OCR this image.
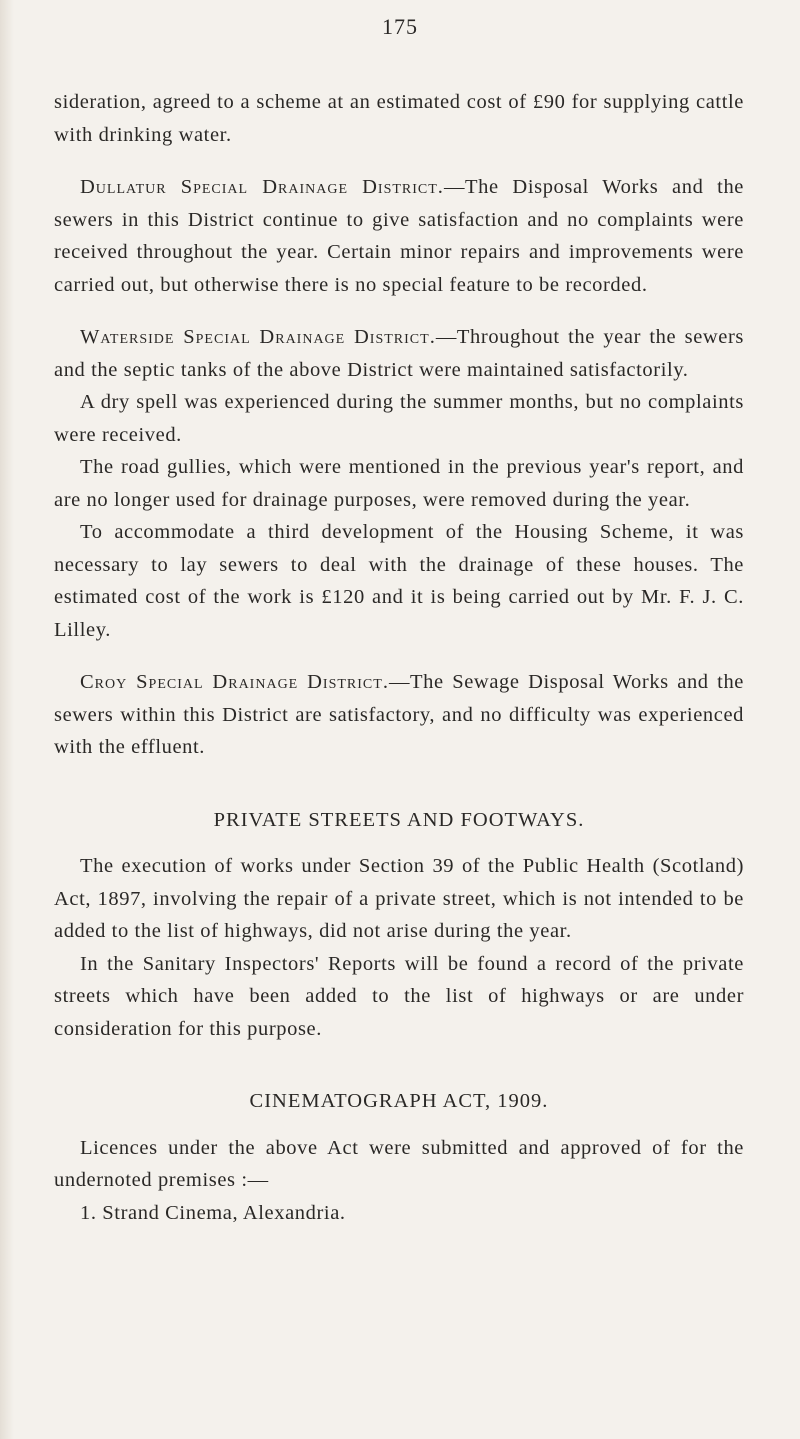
175

sideration, agreed to a scheme at an estimated cost of £90 for supplying cattle with drinking water.

Dullatur Special Drainage District.—The Disposal Works and the sewers in this District continue to give satisfaction and no complaints were received throughout the year. Certain minor repairs and improvements were carried out, but otherwise there is no special feature to be recorded.

Waterside Special Drainage District.—Throughout the year the sewers and the septic tanks of the above District were maintained satisfactorily.

A dry spell was experienced during the summer months, but no complaints were received.

The road gullies, which were mentioned in the previous year's report, and are no longer used for drainage purposes, were removed during the year.

To accommodate a third development of the Housing Scheme, it was necessary to lay sewers to deal with the drainage of these houses. The estimated cost of the work is £120 and it is being carried out by Mr. F. J. C. Lilley.

Croy Special Drainage District.—The Sewage Disposal Works and the sewers within this District are satisfactory, and no difficulty was experienced with the effluent.

PRIVATE STREETS AND FOOTWAYS.

The execution of works under Section 39 of the Public Health (Scotland) Act, 1897, involving the repair of a private street, which is not intended to be added to the list of highways, did not arise during the year.

In the Sanitary Inspectors' Reports will be found a record of the private streets which have been added to the list of highways or are under consideration for this purpose.

CINEMATOGRAPH ACT, 1909.

Licences under the above Act were submitted and approved of for the undernoted premises :—

1. Strand Cinema, Alexandria.
